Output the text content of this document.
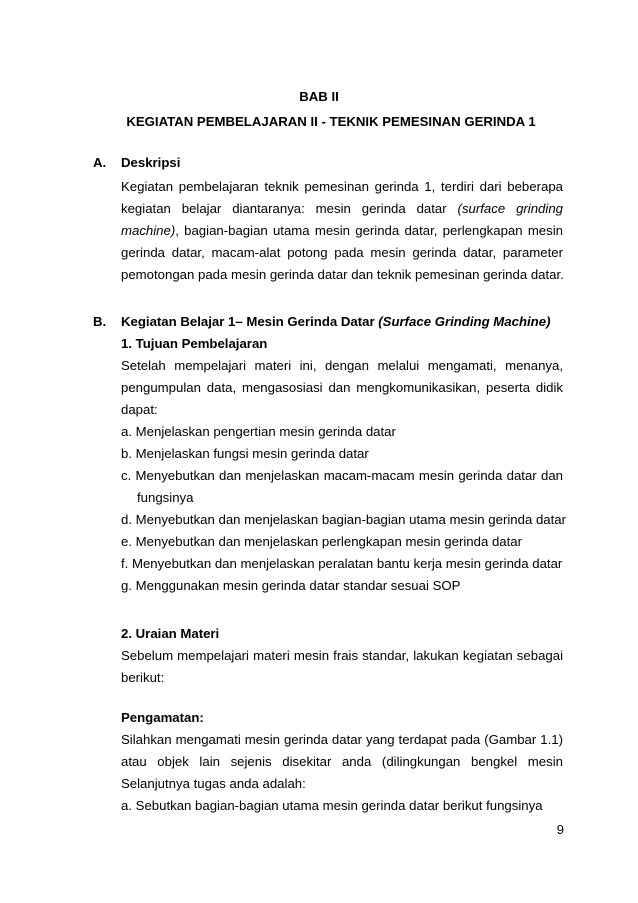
BAB II
KEGIATAN PEMBELAJARAN II - TEKNIK PEMESINAN GERINDA 1
A. Deskripsi
Kegiatan pembelajaran teknik pemesinan gerinda 1, terdiri dari beberapa
kegiatan belajar diantaranya: mesin gerinda datar (surface grinding
machine), bagian-bagian utama mesin gerinda datar, perlengkapan mesin
gerinda datar, macam-alat potong pada mesin gerinda datar, parameter
pemotongan pada mesin gerinda datar dan teknik pemesinan gerinda datar.
B. Kegiatan Belajar 1– Mesin Gerinda Datar (Surface Grinding Machine)
1. Tujuan Pembelajaran
Setelah mempelajari materi ini, dengan melalui mengamati, menanya,
pengumpulan data, mengasosiasi dan mengkomunikasikan, peserta didik
dapat:
a. Menjelaskan pengertian mesin gerinda datar
b. Menjelaskan fungsi mesin gerinda datar
c. Menyebutkan dan menjelaskan macam-macam mesin gerinda datar dan
fungsinya
d. Menyebutkan dan menjelaskan bagian-bagian utama mesin gerinda datar
e. Menyebutkan dan menjelaskan perlengkapan mesin gerinda datar
f. Menyebutkan dan menjelaskan peralatan bantu kerja mesin gerinda datar
g. Menggunakan mesin gerinda datar standar sesuai SOP
2. Uraian Materi
Sebelum mempelajari materi mesin frais standar, lakukan kegiatan sebagai
berikut:
Pengamatan:
Silahkan mengamati mesin gerinda datar yang terdapat pada (Gambar 1.1)
atau objek lain sejenis disekitar anda (dilingkungan bengkel mesin
Selanjutnya tugas anda adalah:
a. Sebutkan bagian-bagian utama mesin gerinda datar berikut fungsinya
9
